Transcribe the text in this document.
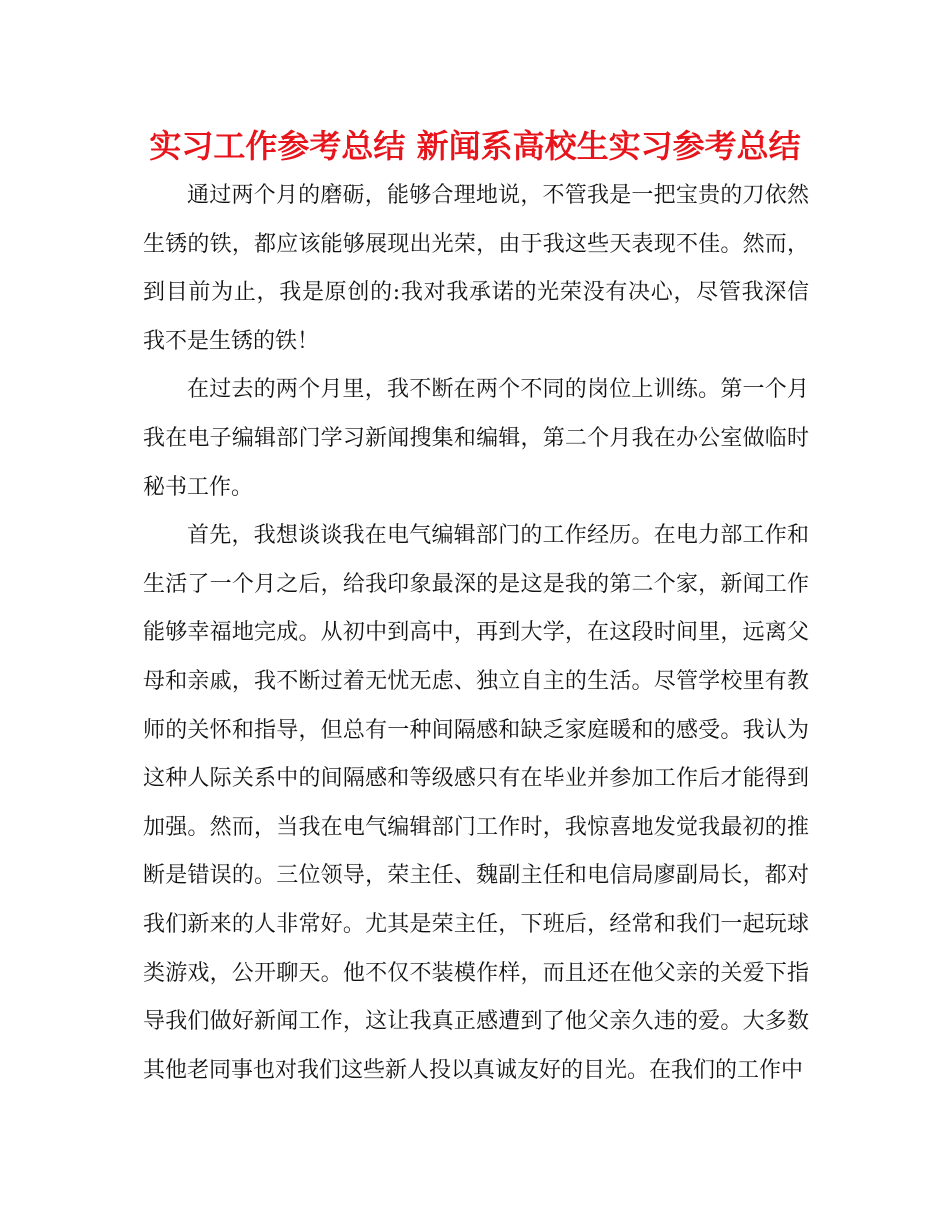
实习工作参考总结 新闻系高校生实习参考总结

通过两个月的磨砺，能够合理地说，不管我是一把宝贵的刀依然生锈的铁，都应该能够展现出光荣，由于我这些天表现不佳。然而，到目前为止，我是原创的:我对我承诺的光荣没有决心，尽管我深信我不是生锈的铁！

在过去的两个月里，我不断在两个不同的岗位上训练。第一个月我在电子编辑部门学习新闻搜集和编辑，第二个月我在办公室做临时秘书工作。

首先，我想谈谈我在电气编辑部门的工作经历。在电力部工作和生活了一个月之后，给我印象最深的是这是我的第二个家，新闻工作能够幸福地完成。从初中到高中，再到大学，在这段时间里，远离父母和亲戚，我不断过着无忧无虑、独立自主的生活。尽管学校里有教师的关怀和指导，但总有一种间隔感和缺乏家庭暖和的感受。我认为这种人际关系中的间隔感和等级感只有在毕业并参加工作后才能得到加强。然而，当我在电气编辑部门工作时，我惊喜地发觉我最初的推断是错误的。三位领导，荣主任、魏副主任和电信局廖副局长，都对我们新来的人非常好。尤其是荣主任，下班后，经常和我们一起玩球类游戏，公开聊天。他不仅不装模作样，而且还在他父亲的关爱下指导我们做好新闻工作，这让我真正感遭到了他父亲久违的爱。大多数其他老同事也对我们这些新人投以真诚友好的目光。在我们的工作中
